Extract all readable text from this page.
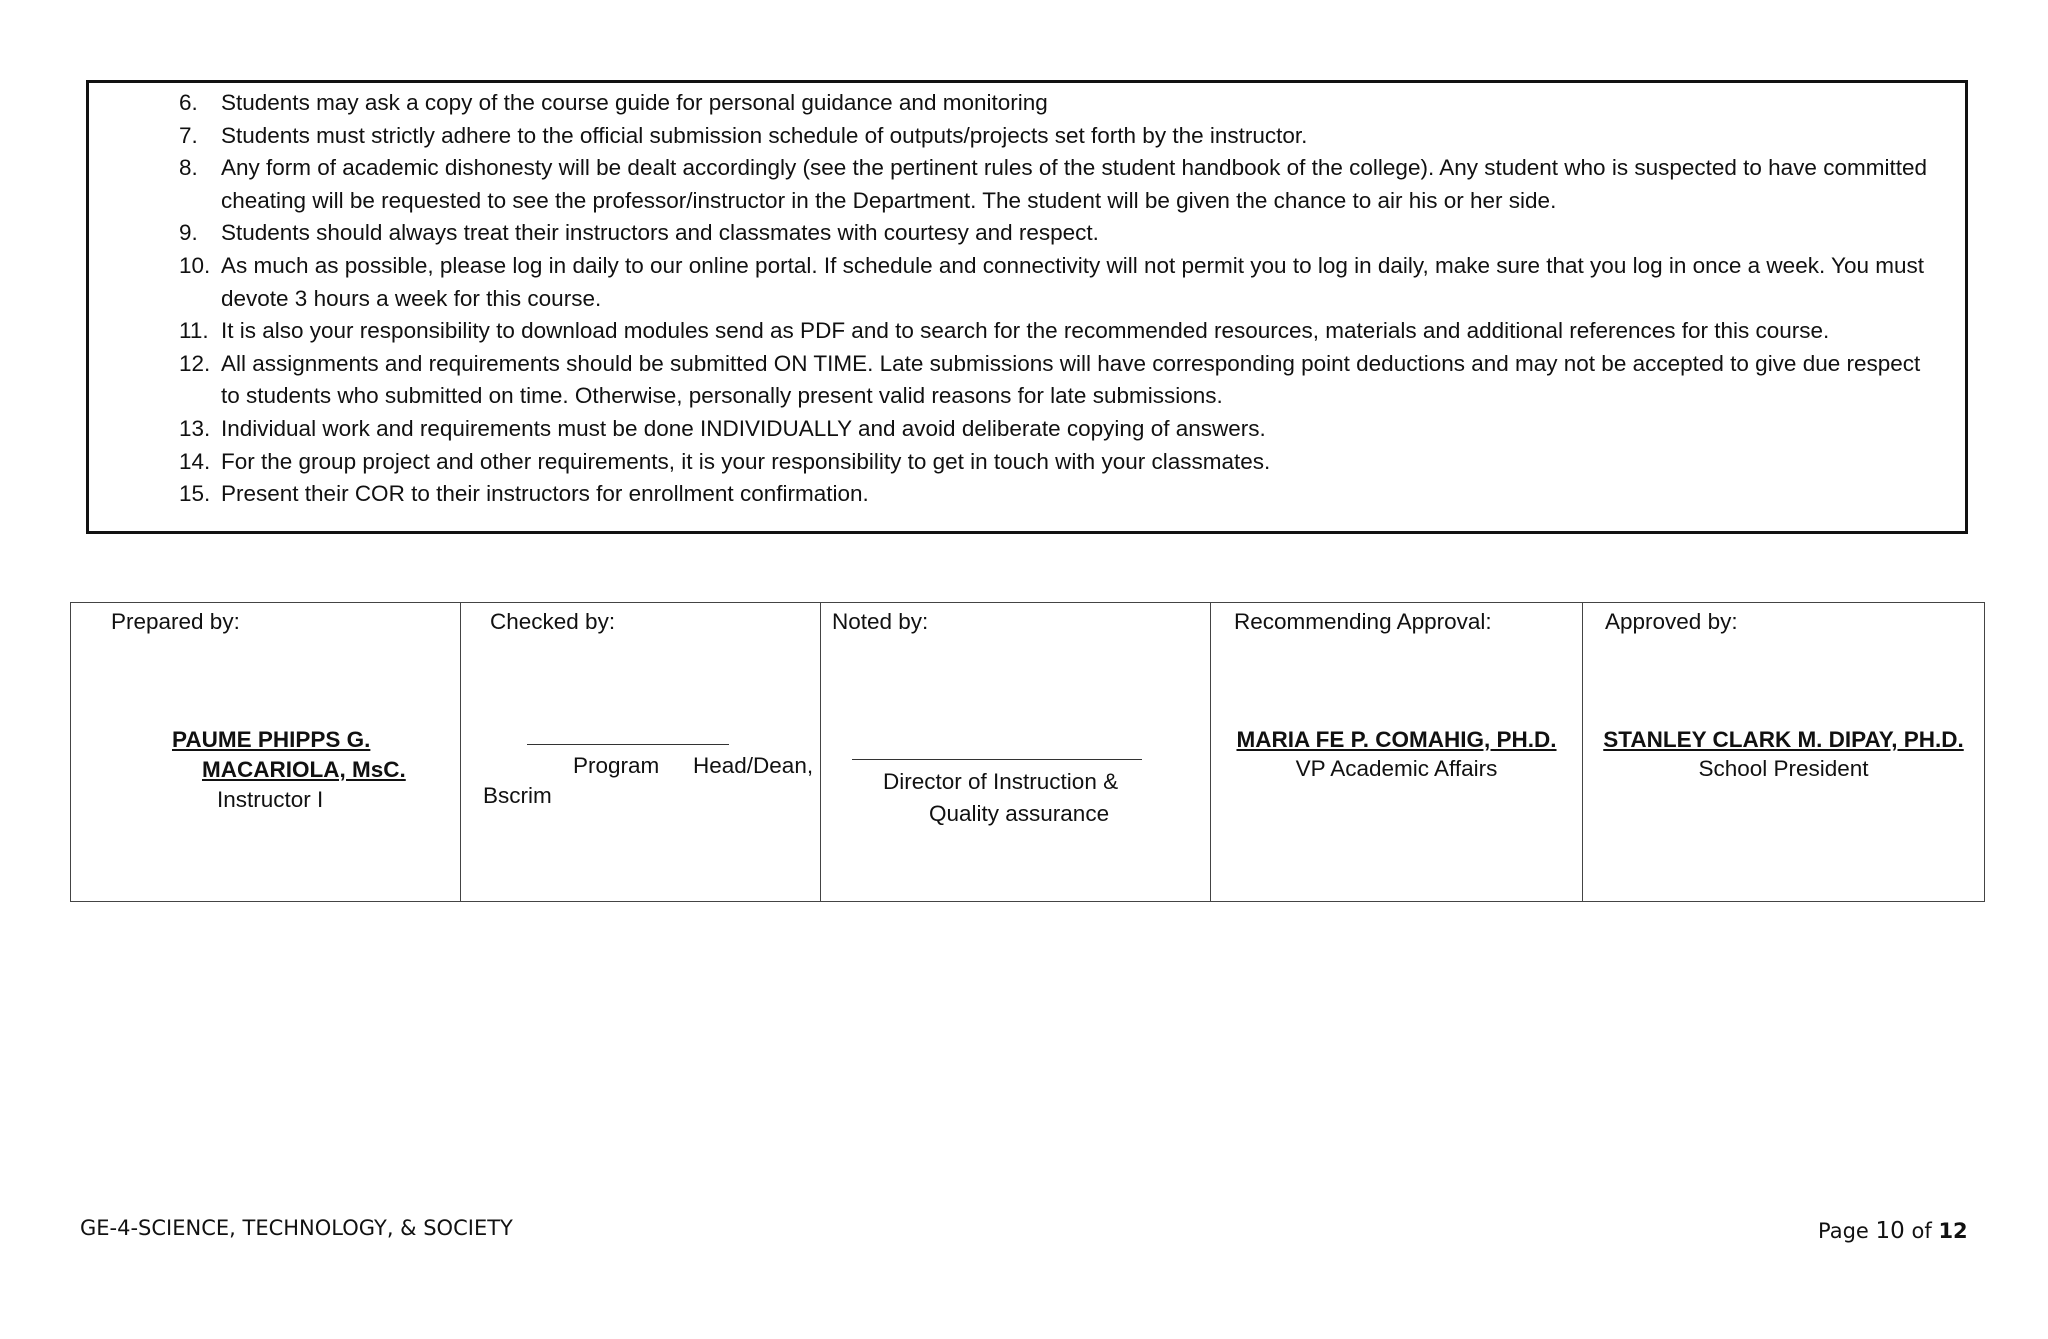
6.	Students may ask a copy of the course guide for personal guidance and monitoring
7.	Students must strictly adhere to the official submission schedule of outputs/projects set forth by the instructor.
8.	Any form of academic dishonesty will be dealt accordingly (see the pertinent rules of the student handbook of the college). Any student who is suspected to have committed cheating will be requested to see the professor/instructor in the Department. The student will be given the chance to air his or her side.
9.	Students should always treat their instructors and classmates with courtesy and respect.
10. As much as possible, please log in daily to our online portal. If schedule and connectivity will not permit you to log in daily, make sure that you log in once a week. You must devote 3 hours a week for this course.
11. It is also your responsibility to download modules send as PDF and to search for the recommended resources, materials and additional references for this course.
12. All assignments and requirements should be submitted ON TIME. Late submissions will have corresponding point deductions and may not be accepted to give due respect to students who submitted on time. Otherwise, personally present valid reasons for late submissions.
13. Individual work and requirements must be done INDIVIDUALLY and avoid deliberate copying of answers.
14. For the group project and other requirements, it is your responsibility to get in touch with your classmates.
15. Present their COR to their instructors for enrollment confirmation.
Prepared by:
PAUME PHIPPS G.
MACARIOLA, MsC.
Instructor I

Checked by:
Program Head/Dean,
Bscrim

Noted by:
Director of Instruction &
Quality assurance

Recommending Approval:
MARIA FE P. COMAHIG, PH.D.
VP Academic Affairs

Approved by:
STANLEY CLARK M. DIPAY, PH.D.
School President
GE-4-SCIENCE, TECHNOLOGY, & SOCIETY	Page 10 of 12
